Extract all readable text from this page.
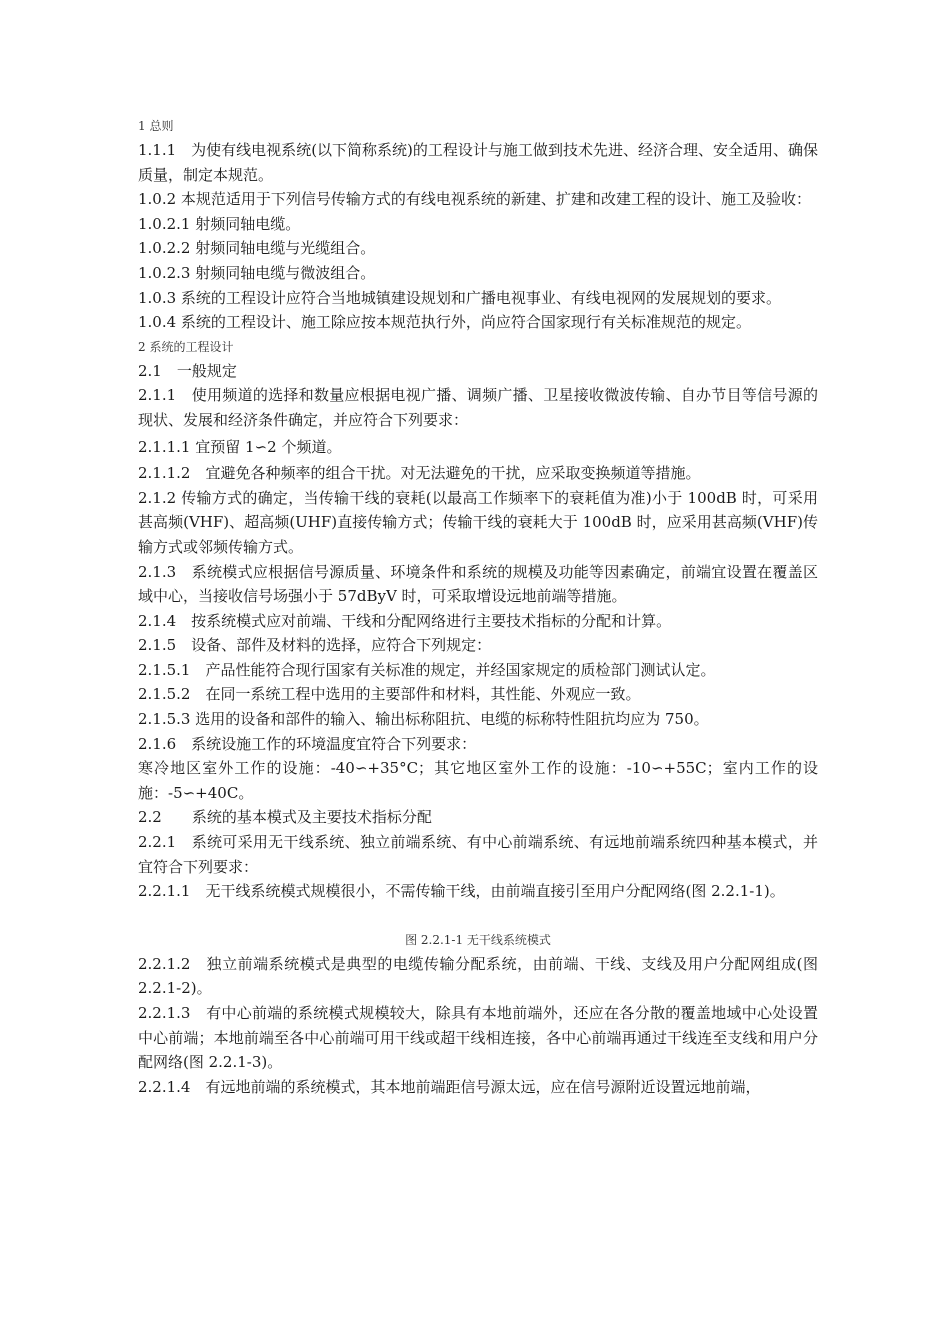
1 总则

1.1.1　为使有线电视系统(以下简称系统)的工程设计与施工做到技术先进、经济合理、安全适用、确保质量，制定本规范。

1.0.2 本规范适用于下列信号传输方式的有线电视系统的新建、扩建和改建工程的设计、施工及验收：

1.0.2.1 射频同轴电缆。

1.0.2.2 射频同轴电缆与光缆组合。

1.0.2.3 射频同轴电缆与微波组合。

1.0.3 系统的工程设计应符合当地城镇建设规划和广播电视事业、有线电视网的发展规划的要求。

1.0.4 系统的工程设计、施工除应按本规范执行外，尚应符合国家现行有关标准规范的规定。

2 系统的工程设计

2.1　一般规定

2.1.1　使用频道的选择和数量应根据电视广播、调频广播、卫星接收微波传输、自办节目等信号源的现状、发展和经济条件确定，并应符合下列要求：

2.1.1.1 宜预留 1∽2 个频道。

2.1.1.2　宜避免各种频率的组合干扰。对无法避免的干扰，应采取变换频道等措施。

2.1.2 传输方式的确定，当传输干线的衰耗(以最高工作频率下的衰耗值为准)小于 100dB 时，可采用甚高频(VHF)、超高频(UHF)直接传输方式；传输干线的衰耗大于 100dB 时，应采用甚高频(VHF)传输方式或邻频传输方式。

2.1.3　系统模式应根据信号源质量、环境条件和系统的规模及功能等因素确定，前端宜设置在覆盖区域中心，当接收信号场强小于 57dByV 时，可采取增设远地前端等措施。

2.1.4　按系统模式应对前端、干线和分配网络进行主要技术指标的分配和计算。

2.1.5　设备、部件及材料的选择，应符合下列规定：

2.1.5.1　产品性能符合现行国家有关标准的规定，并经国家规定的质检部门测试认定。

2.1.5.2　在同一系统工程中选用的主要部件和材料，其性能、外观应一致。

2.1.5.3 选用的设备和部件的输入、输出标称阻抗、电缆的标称特性阻抗均应为 750。

2.1.6　系统设施工作的环境温度宜符合下列要求：

寒冷地区室外工作的设施：-40∽+35°C；其它地区室外工作的设施：-10∽+55C；室内工作的设施：-5∽+40C。

2.2　　系统的基本模式及主要技术指标分配

2.2.1　系统可采用无干线系统、独立前端系统、有中心前端系统、有远地前端系统四种基本模式，并宜符合下列要求：

2.2.1.1　无干线系统模式规模很小，不需传输干线，由前端直接引至用户分配网络(图 2.2.1-1)。

图 2.2.1-1 无干线系统模式

2.2.1.2　独立前端系统模式是典型的电缆传输分配系统，由前端、干线、支线及用户分配网组成(图 2.2.1-2)。

2.2.1.3　有中心前端的系统模式规模较大，除具有本地前端外，还应在各分散的覆盖地域中心处设置中心前端；本地前端至各中心前端可用干线或超干线相连接，各中心前端再通过干线连至支线和用户分配网络(图 2.2.1-3)。

2.2.1.4　有远地前端的系统模式，其本地前端距信号源太远，应在信号源附近设置远地前端，
